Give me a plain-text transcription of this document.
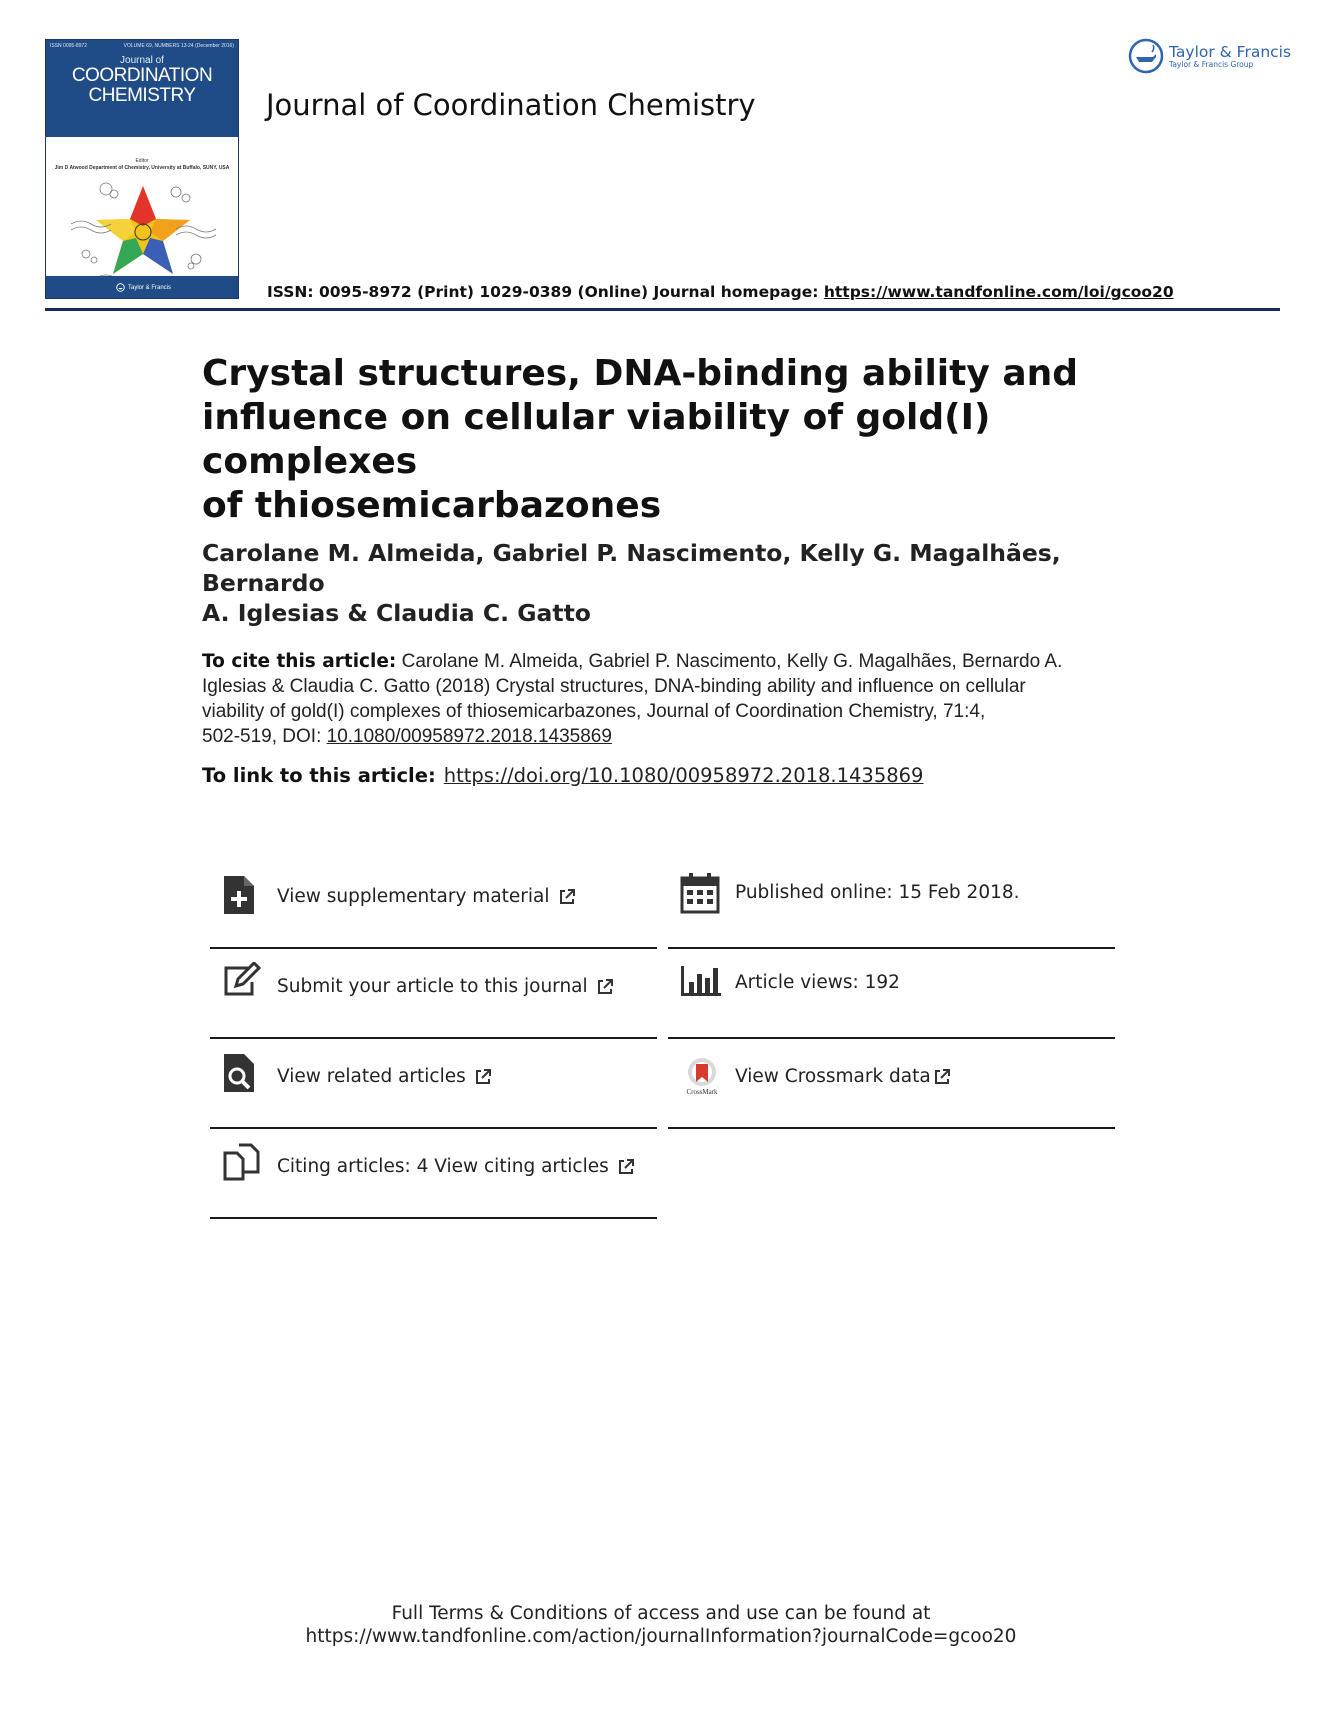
ISSN 0095-8972	VOLUME 69, NUMBERS 13-24 (December 2016)
Journal of
COORDINATION
CHEMISTRY
Editor
Jim D Atwood Department of Chemistry, University at Buffalo, SUNY, USA
Taylor & Francis
Journal of Coordination Chemistry
ISSN: 0095-8972 (Print) 1029-0389 (Online) Journal homepage: https://www.tandfonline.com/loi/gcoo20
Taylor & Francis
Taylor & Francis Group
Crystal structures, DNA-binding ability and
influence on cellular viability of gold(I) complexes
of thiosemicarbazones
Carolane M. Almeida, Gabriel P. Nascimento, Kelly G. Magalhães, Bernardo
A. Iglesias & Claudia C. Gatto
To cite this article: Carolane M. Almeida, Gabriel P. Nascimento, Kelly G. Magalhães, Bernardo A.
Iglesias & Claudia C. Gatto (2018) Crystal structures, DNA-binding ability and influence on cellular
viability of gold(I) complexes of thiosemicarbazones, Journal of Coordination Chemistry, 71:4,
502-519, DOI: 10.1080/00958972.2018.1435869
To link to this article: https://doi.org/10.1080/00958972.2018.1435869
View supplementary material
Submit your article to this journal
View related articles
Citing articles: 4 View citing articles
Published online: 15 Feb 2018.
Article views: 192
CrossMark
View Crossmark data
Full Terms & Conditions of access and use can be found at
https://www.tandfonline.com/action/journalInformation?journalCode=gcoo20
